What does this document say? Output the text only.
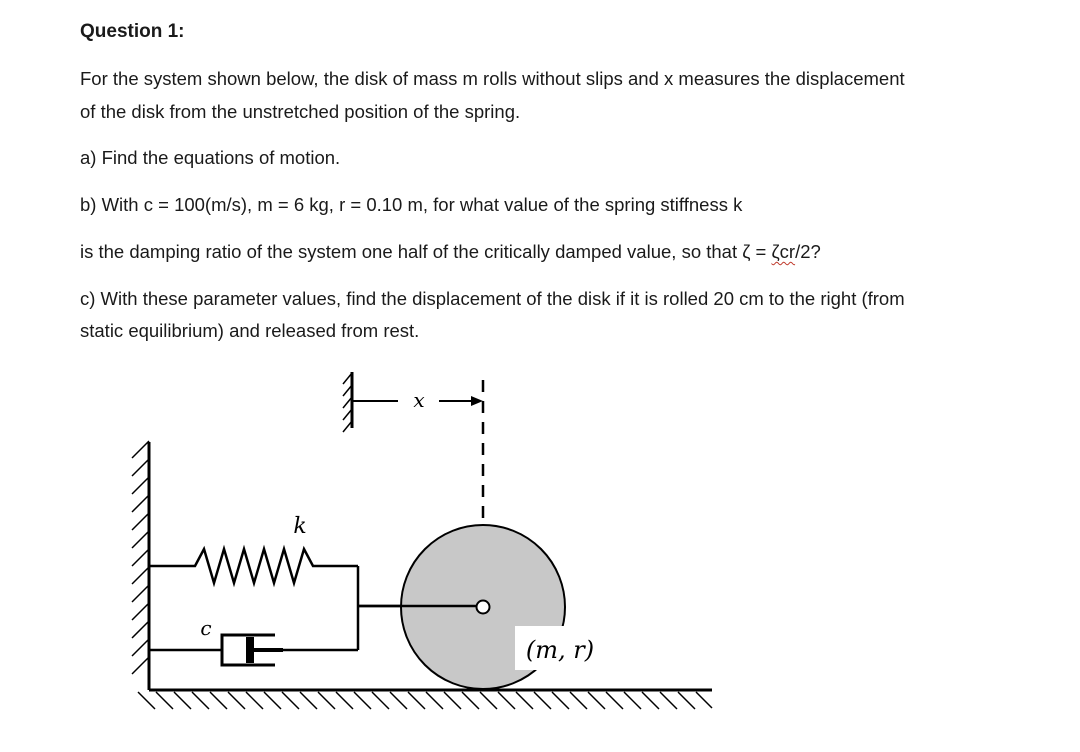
Question 1:
For the system shown below, the disk of mass m rolls without slips and x measures the displacement
of the disk from the unstretched position of the spring.
a) Find the equations of motion.
b) With c = 100(m/s), m = 6 kg, r = 0.10 m, for what value of the spring stiffness k
is the damping ratio of the system one half of the critically damped value, so that ζ = ζcr/2?
c) With these parameter values, find the displacement of the disk if it is rolled 20 cm to the right (from
static equilibrium) and released from rest.
x
k
c
(m, r)
